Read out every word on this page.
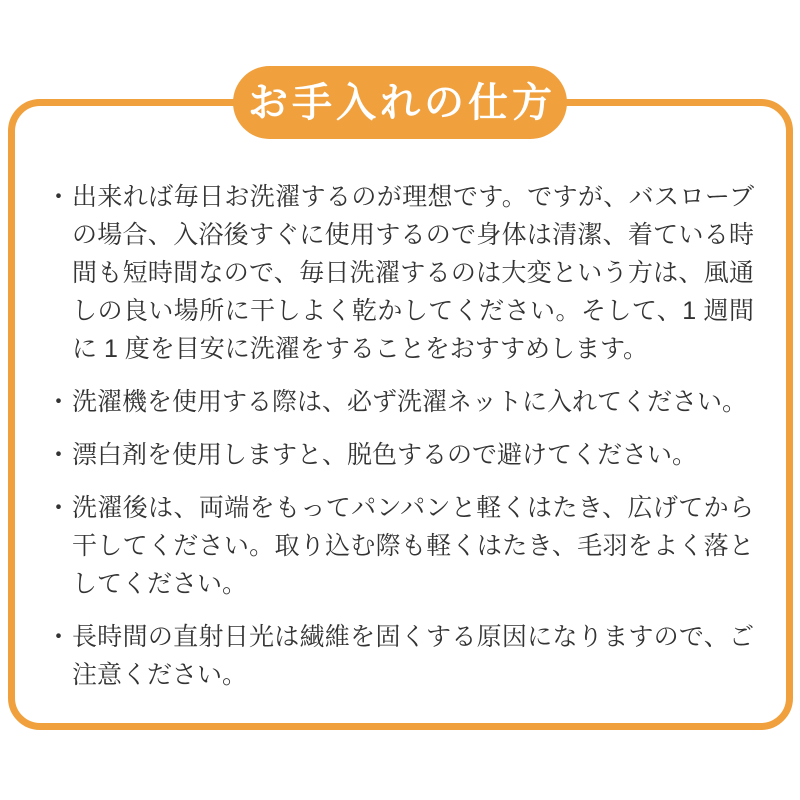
お手入れの仕方
・ 出来れば毎日お洗濯するのが理想です。ですが、バスローブの場合、入浴後すぐに使用するので身体は清潔、着ている時間も短時間なので、毎日洗濯するのは大変という方は、風通しの良い場所に干しよく乾かしてください。そして、1 週間に 1 度を目安に洗濯をすることをおすすめします。
・ 洗濯機を使用する際は、必ず洗濯ネットに入れてください。
・ 漂白剤を使用しますと、脱色するので避けてください。
・ 洗濯後は、両端をもってパンパンと軽くはたき、広げてから干してください。取り込む際も軽くはたき、毛羽をよく落としてください。
・ 長時間の直射日光は繊維を固くする原因になりますので、ご注意ください。
